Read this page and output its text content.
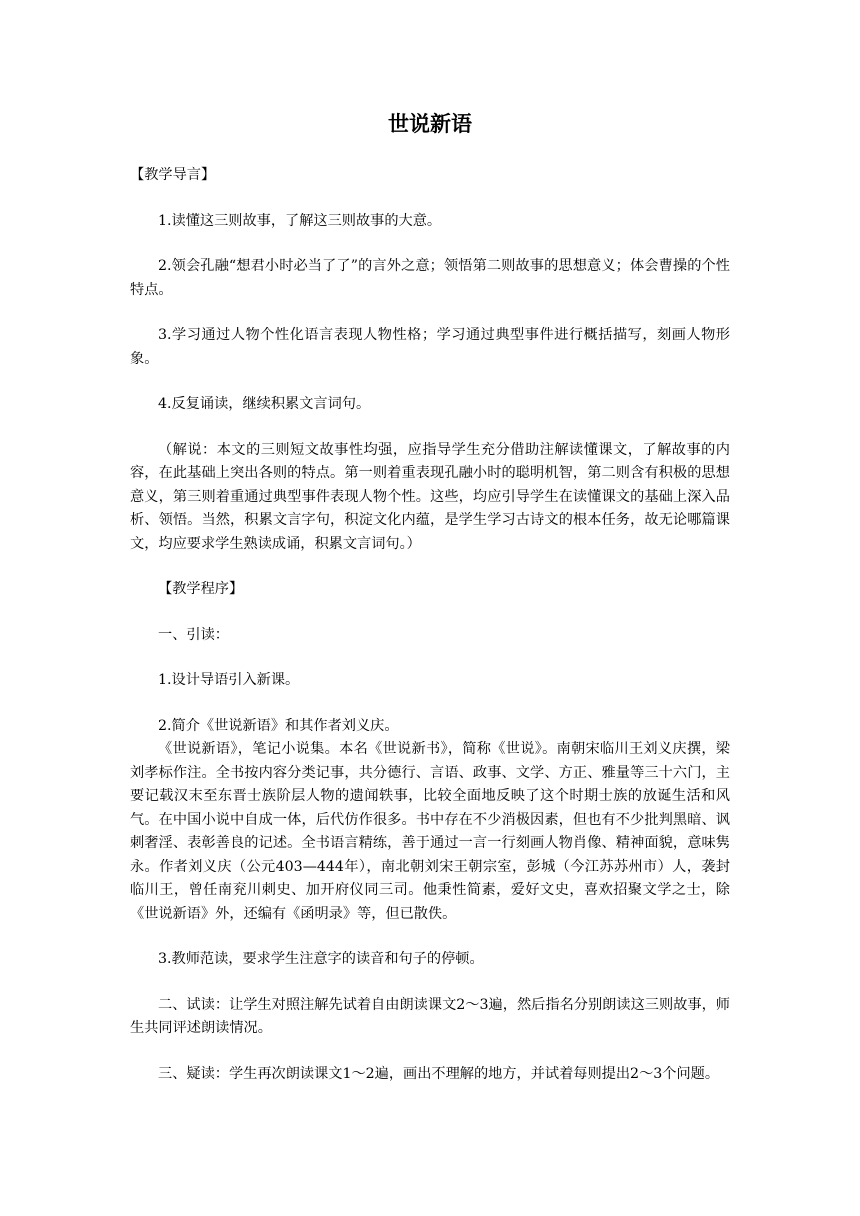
世说新语

【教学导言】

1.读懂这三则故事，了解这三则故事的大意。

2.领会孔融“想君小时必当了了”的言外之意；领悟第二则故事的思想意义；体会曹操的个性特点。

3.学习通过人物个性化语言表现人物性格；学习通过典型事件进行概括描写，刻画人物形象。

4.反复诵读，继续积累文言词句。

（解说：本文的三则短文故事性均强，应指导学生充分借助注解读懂课文，了解故事的内容，在此基础上突出各则的特点。第一则着重表现孔融小时的聪明机智，第二则含有积极的思想意义，第三则着重通过典型事件表现人物个性。这些，均应引导学生在读懂课文的基础上深入品析、领悟。当然，积累文言字句，积淀文化内蕴，是学生学习古诗文的根本任务，故无论哪篇课文，均应要求学生熟读成诵，积累文言词句。）

【教学程序】

一、引读：

1.设计导语引入新课。

2.简介《世说新语》和其作者刘义庆。

《世说新语》，笔记小说集。本名《世说新书》，简称《世说》。南朝宋临川王刘义庆撰，梁刘孝标作注。全书按内容分类记事，共分德行、言语、政事、文学、方正、雅量等三十六门，主要记载汉末至东晋士族阶层人物的遗闻轶事，比较全面地反映了这个时期士族的放诞生活和风气。在中国小说中自成一体，后代仿作很多。书中存在不少消极因素，但也有不少批判黑暗、讽刺奢淫、表彰善良的记述。全书语言精练，善于通过一言一行刻画人物肖像、精神面貌，意味隽永。作者刘义庆（公元403—444年），南北朝刘宋王朝宗室，彭城（今江苏苏州市）人，袭封临川王，曾任南兖川刺史、加开府仪同三司。他秉性简素，爱好文史，喜欢招聚文学之士，除《世说新语》外，还编有《函明录》等，但已散佚。

3.教师范读，要求学生注意字的读音和句子的停顿。

二、试读：让学生对照注解先试着自由朗读课文2～3遍，然后指名分别朗读这三则故事，师生共同评述朗读情况。

三、疑读：学生再次朗读课文1～2遍，画出不理解的地方，并试着每则提出2～3个问题。
